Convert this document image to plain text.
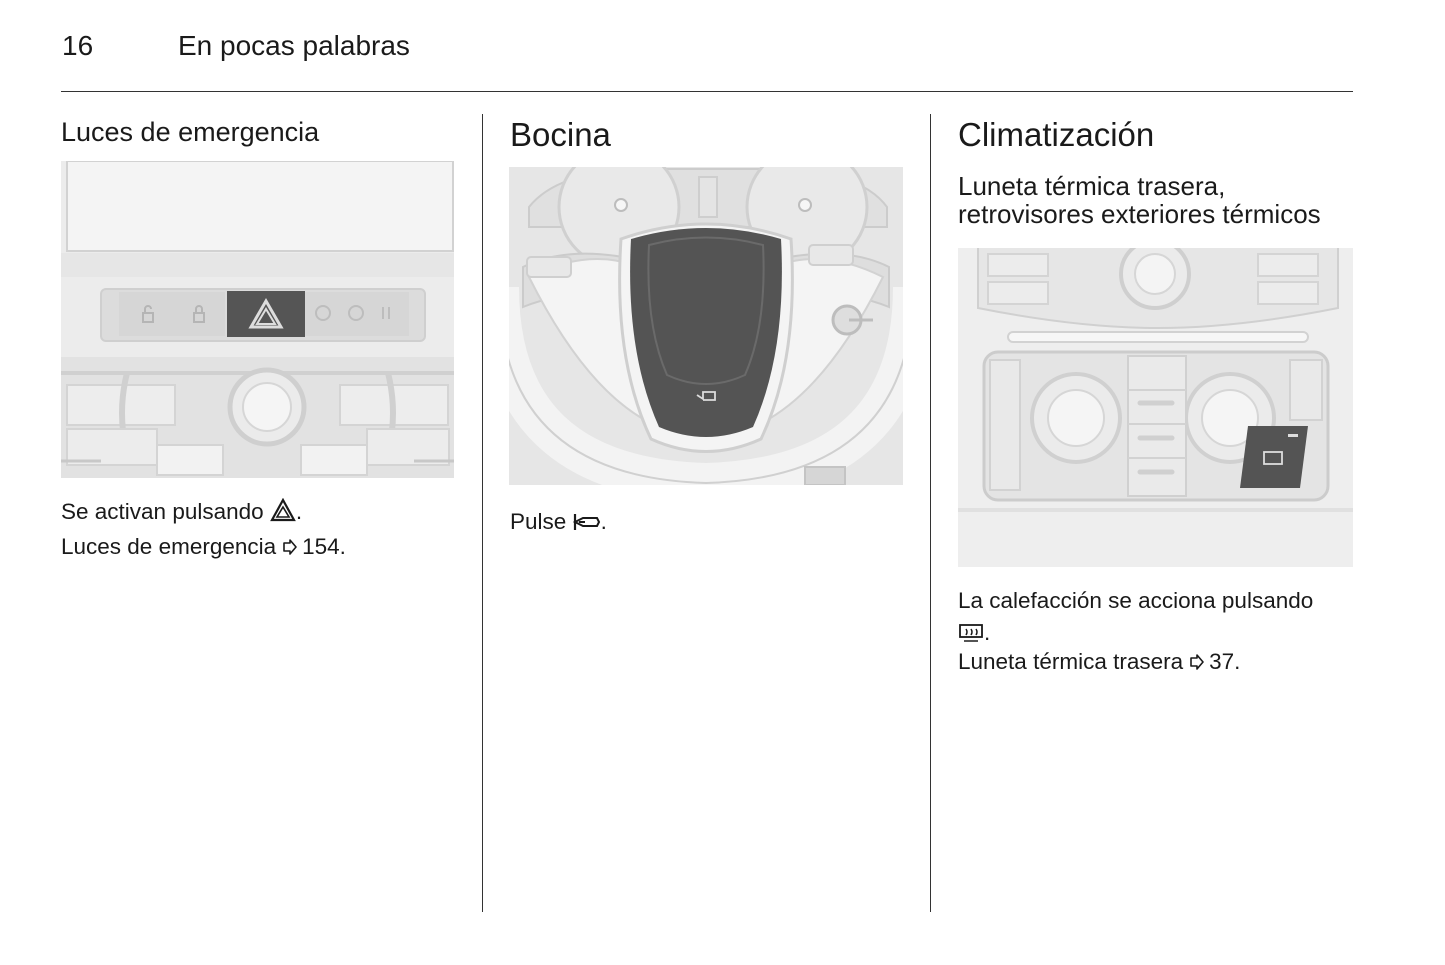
16	En pocas palabras
Luces de emergencia
Se activan pulsando .
Luces de emergencia 154.
Bocina
Pulse .
Climatización
Luneta térmica trasera,
retrovisores exteriores térmicos
La calefacción se acciona pulsando
.
Luneta térmica trasera 37.
